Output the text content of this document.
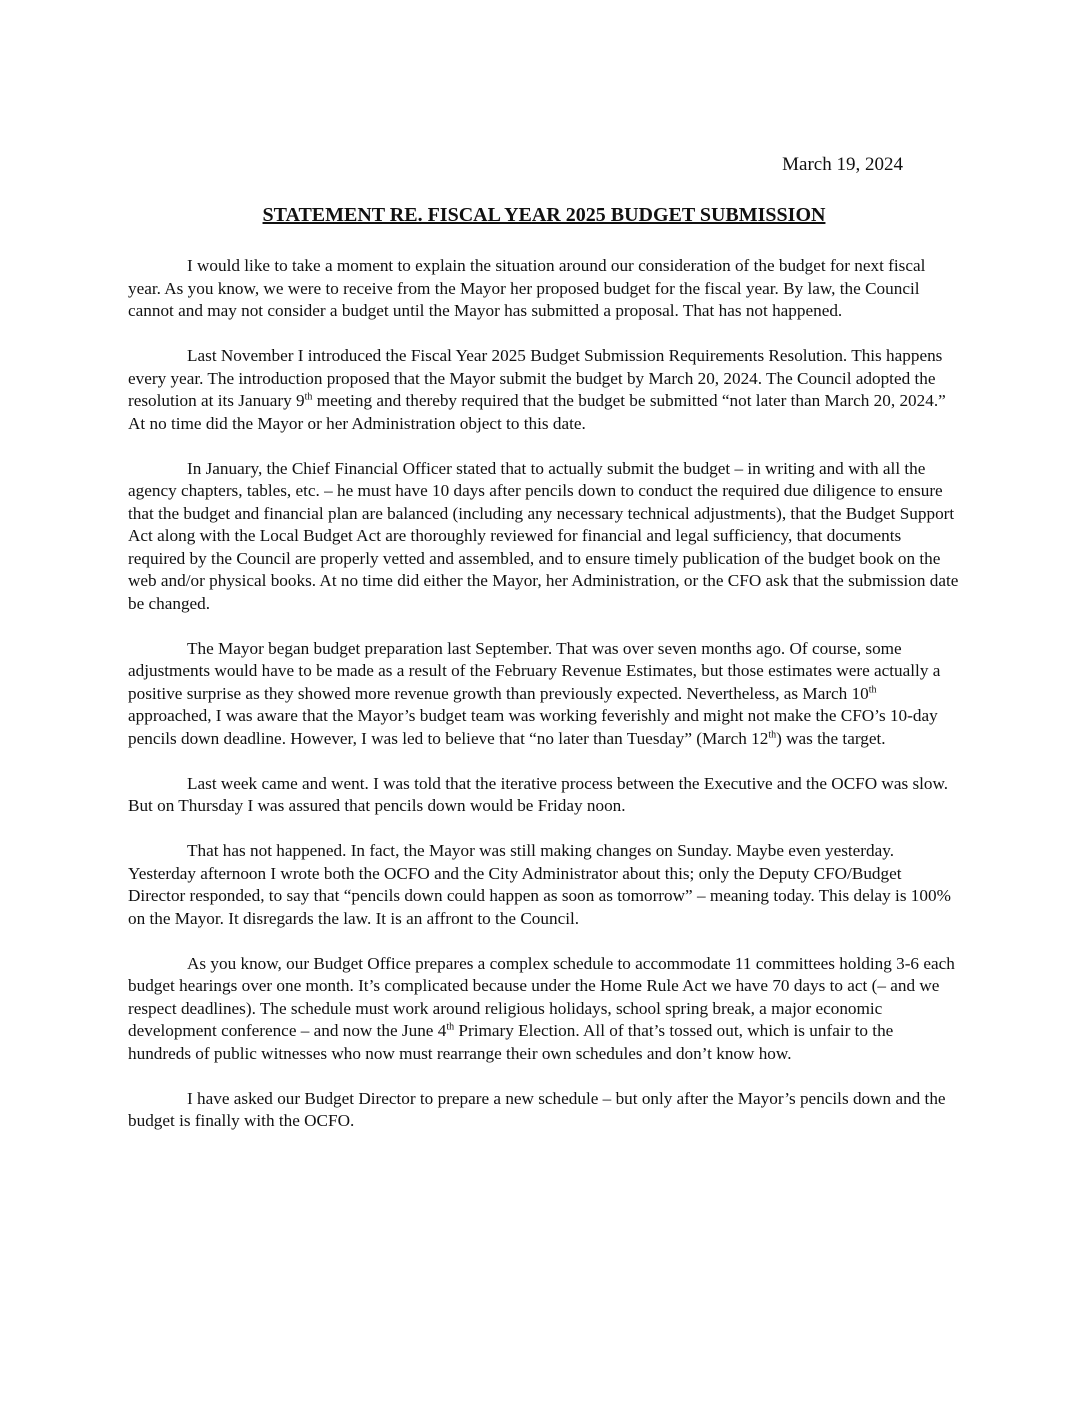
March 19, 2024
STATEMENT RE. FISCAL YEAR 2025 BUDGET SUBMISSION

I would like to take a moment to explain the situation around our consideration of the budget for next fiscal year. As you know, we were to receive from the Mayor her proposed budget for the fiscal year. By law, the Council cannot and may not consider a budget until the Mayor has submitted a proposal. That has not happened.

Last November I introduced the Fiscal Year 2025 Budget Submission Requirements Resolution. This happens every year. The introduction proposed that the Mayor submit the budget by March 20, 2024. The Council adopted the resolution at its January 9th meeting and thereby required that the budget be submitted “not later than March 20, 2024.” At no time did the Mayor or her Administration object to this date.

In January, the Chief Financial Officer stated that to actually submit the budget – in writing and with all the agency chapters, tables, etc. – he must have 10 days after pencils down to conduct the required due diligence to ensure that the budget and financial plan are balanced (including any necessary technical adjustments), that the Budget Support Act along with the Local Budget Act are thoroughly reviewed for financial and legal sufficiency, that documents required by the Council are properly vetted and assembled, and to ensure timely publication of the budget book on the web and/or physical books. At no time did either the Mayor, her Administration, or the CFO ask that the submission date be changed.

The Mayor began budget preparation last September. That was over seven months ago. Of course, some adjustments would have to be made as a result of the February Revenue Estimates, but those estimates were actually a positive surprise as they showed more revenue growth than previously expected. Nevertheless, as March 10th approached, I was aware that the Mayor’s budget team was working feverishly and might not make the CFO’s 10-day pencils down deadline. However, I was led to believe that “no later than Tuesday” (March 12th) was the target.

Last week came and went. I was told that the iterative process between the Executive and the OCFO was slow. But on Thursday I was assured that pencils down would be Friday noon.

That has not happened. In fact, the Mayor was still making changes on Sunday. Maybe even yesterday. Yesterday afternoon I wrote both the OCFO and the City Administrator about this; only the Deputy CFO/Budget Director responded, to say that “pencils down could happen as soon as tomorrow” – meaning today. This delay is 100% on the Mayor. It disregards the law. It is an affront to the Council.

As you know, our Budget Office prepares a complex schedule to accommodate 11 committees holding 3-6 each budget hearings over one month. It’s complicated because under the Home Rule Act we have 70 days to act (– and we respect deadlines). The schedule must work around religious holidays, school spring break, a major economic development conference – and now the June 4th Primary Election. All of that’s tossed out, which is unfair to the hundreds of public witnesses who now must rearrange their own schedules and don’t know how.

I have asked our Budget Director to prepare a new schedule – but only after the Mayor’s pencils down and the budget is finally with the OCFO.
